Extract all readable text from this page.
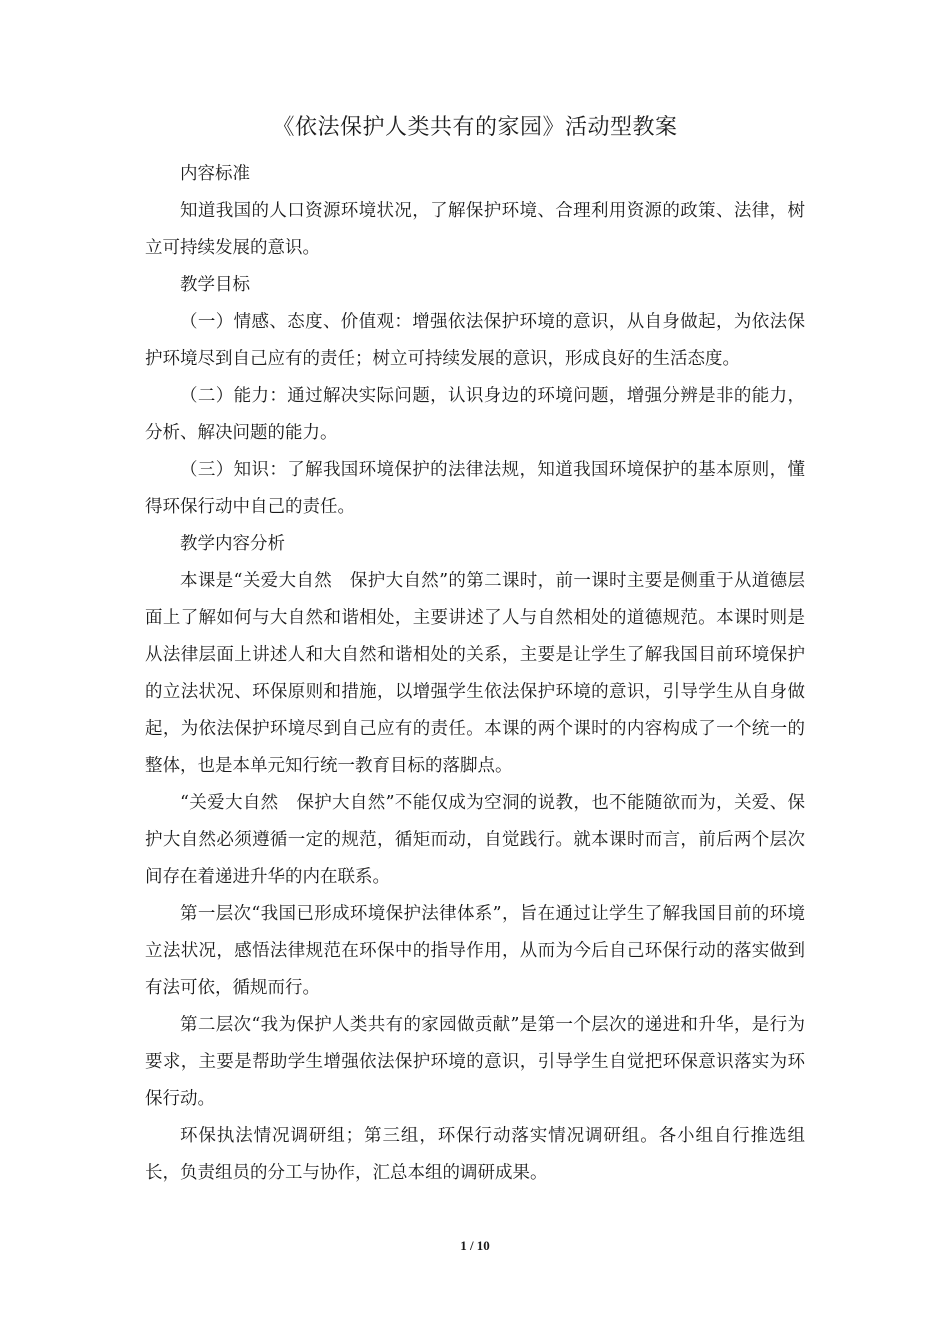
《依法保护人类共有的家园》活动型教案

内容标准

知道我国的人口资源环境状况，了解保护环境、合理利用资源的政策、法律，树立可持续发展的意识。

教学目标

（一）情感、态度、价值观：增强依法保护环境的意识，从自身做起，为依法保护环境尽到自己应有的责任；树立可持续发展的意识，形成良好的生活态度。

（二）能力：通过解决实际问题，认识身边的环境问题，增强分辨是非的能力，分析、解决问题的能力。

（三）知识：了解我国环境保护的法律法规，知道我国环境保护的基本原则，懂得环保行动中自己的责任。

教学内容分析

本课是“关爱大自然　保护大自然”的第二课时，前一课时主要是侧重于从道德层面上了解如何与大自然和谐相处，主要讲述了人与自然相处的道德规范。本课时则是从法律层面上讲述人和大自然和谐相处的关系，主要是让学生了解我国目前环境保护的立法状况、环保原则和措施，以增强学生依法保护环境的意识，引导学生从自身做起，为依法保护环境尽到自己应有的责任。本课的两个课时的内容构成了一个统一的整体，也是本单元知行统一教育目标的落脚点。

“关爱大自然　保护大自然”不能仅成为空洞的说教，也不能随欲而为，关爱、保护大自然必须遵循一定的规范，循矩而动，自觉践行。就本课时而言，前后两个层次间存在着递进升华的内在联系。

第一层次“我国已形成环境保护法律体系”，旨在通过让学生了解我国目前的环境立法状况，感悟法律规范在环保中的指导作用，从而为今后自己环保行动的落实做到有法可依，循规而行。

第二层次“我为保护人类共有的家园做贡献”是第一个层次的递进和升华，是行为要求，主要是帮助学生增强依法保护环境的意识，引导学生自觉把环保意识落实为环保行动。

环保执法情况调研组；第三组，环保行动落实情况调研组。各小组自行推选组长，负责组员的分工与协作，汇总本组的调研成果。

1 / 10
